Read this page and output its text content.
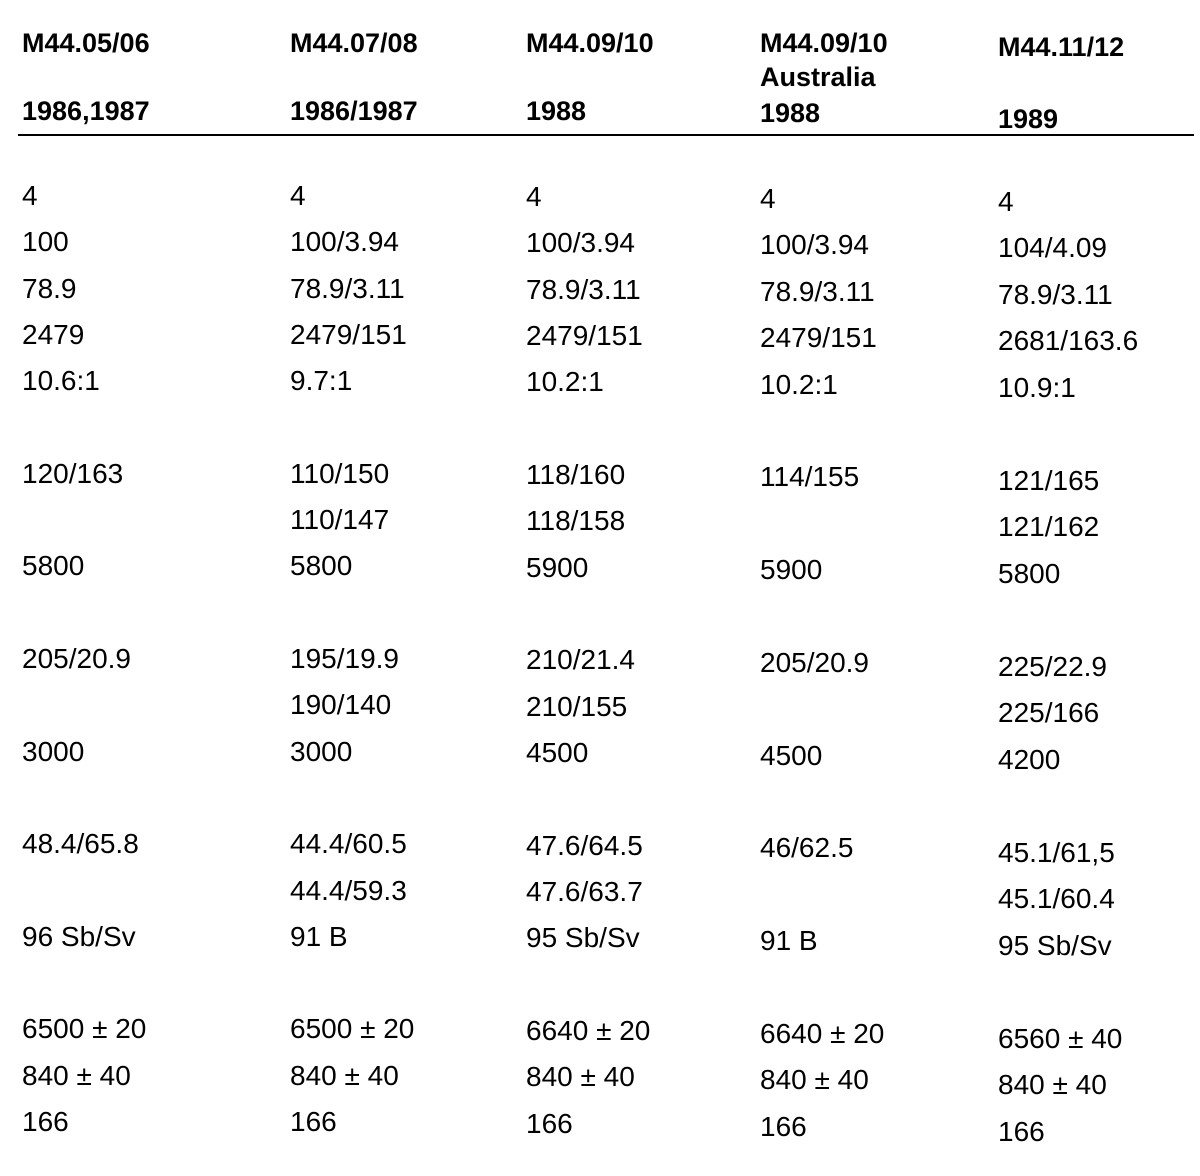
M44.05/06
1986,1987
4
100
78.9
2479
10.6:1
120/163
5800
205/20.9
3000
48.4/65.8
96 Sb/Sv
6500 ± 20
840 ± 40
166
M44.07/08
1986/1987
4
100/3.94
78.9/3.11
2479/151
9.7:1
110/150
110/147
5800
195/19.9
190/140
3000
44.4/60.5
44.4/59.3
91 B
6500 ± 20
840 ± 40
166
M44.09/10
1988
4
100/3.94
78.9/3.11
2479/151
10.2:1
118/160
118/158
5900
210/21.4
210/155
4500
47.6/64.5
47.6/63.7
95 Sb/Sv
6640 ± 20
840 ± 40
166
M44.09/10
Australia
1988
4
100/3.94
78.9/3.11
2479/151
10.2:1
114/155
5900
205/20.9
4500
46/62.5
91 B
6640 ± 20
840 ± 40
166
M44.11/12
1989
4
104/4.09
78.9/3.11
2681/163.6
10.9:1
121/165
121/162
5800
225/22.9
225/166
4200
45.1/61,5
45.1/60.4
95 Sb/Sv
6560 ± 40
840 ± 40
166
